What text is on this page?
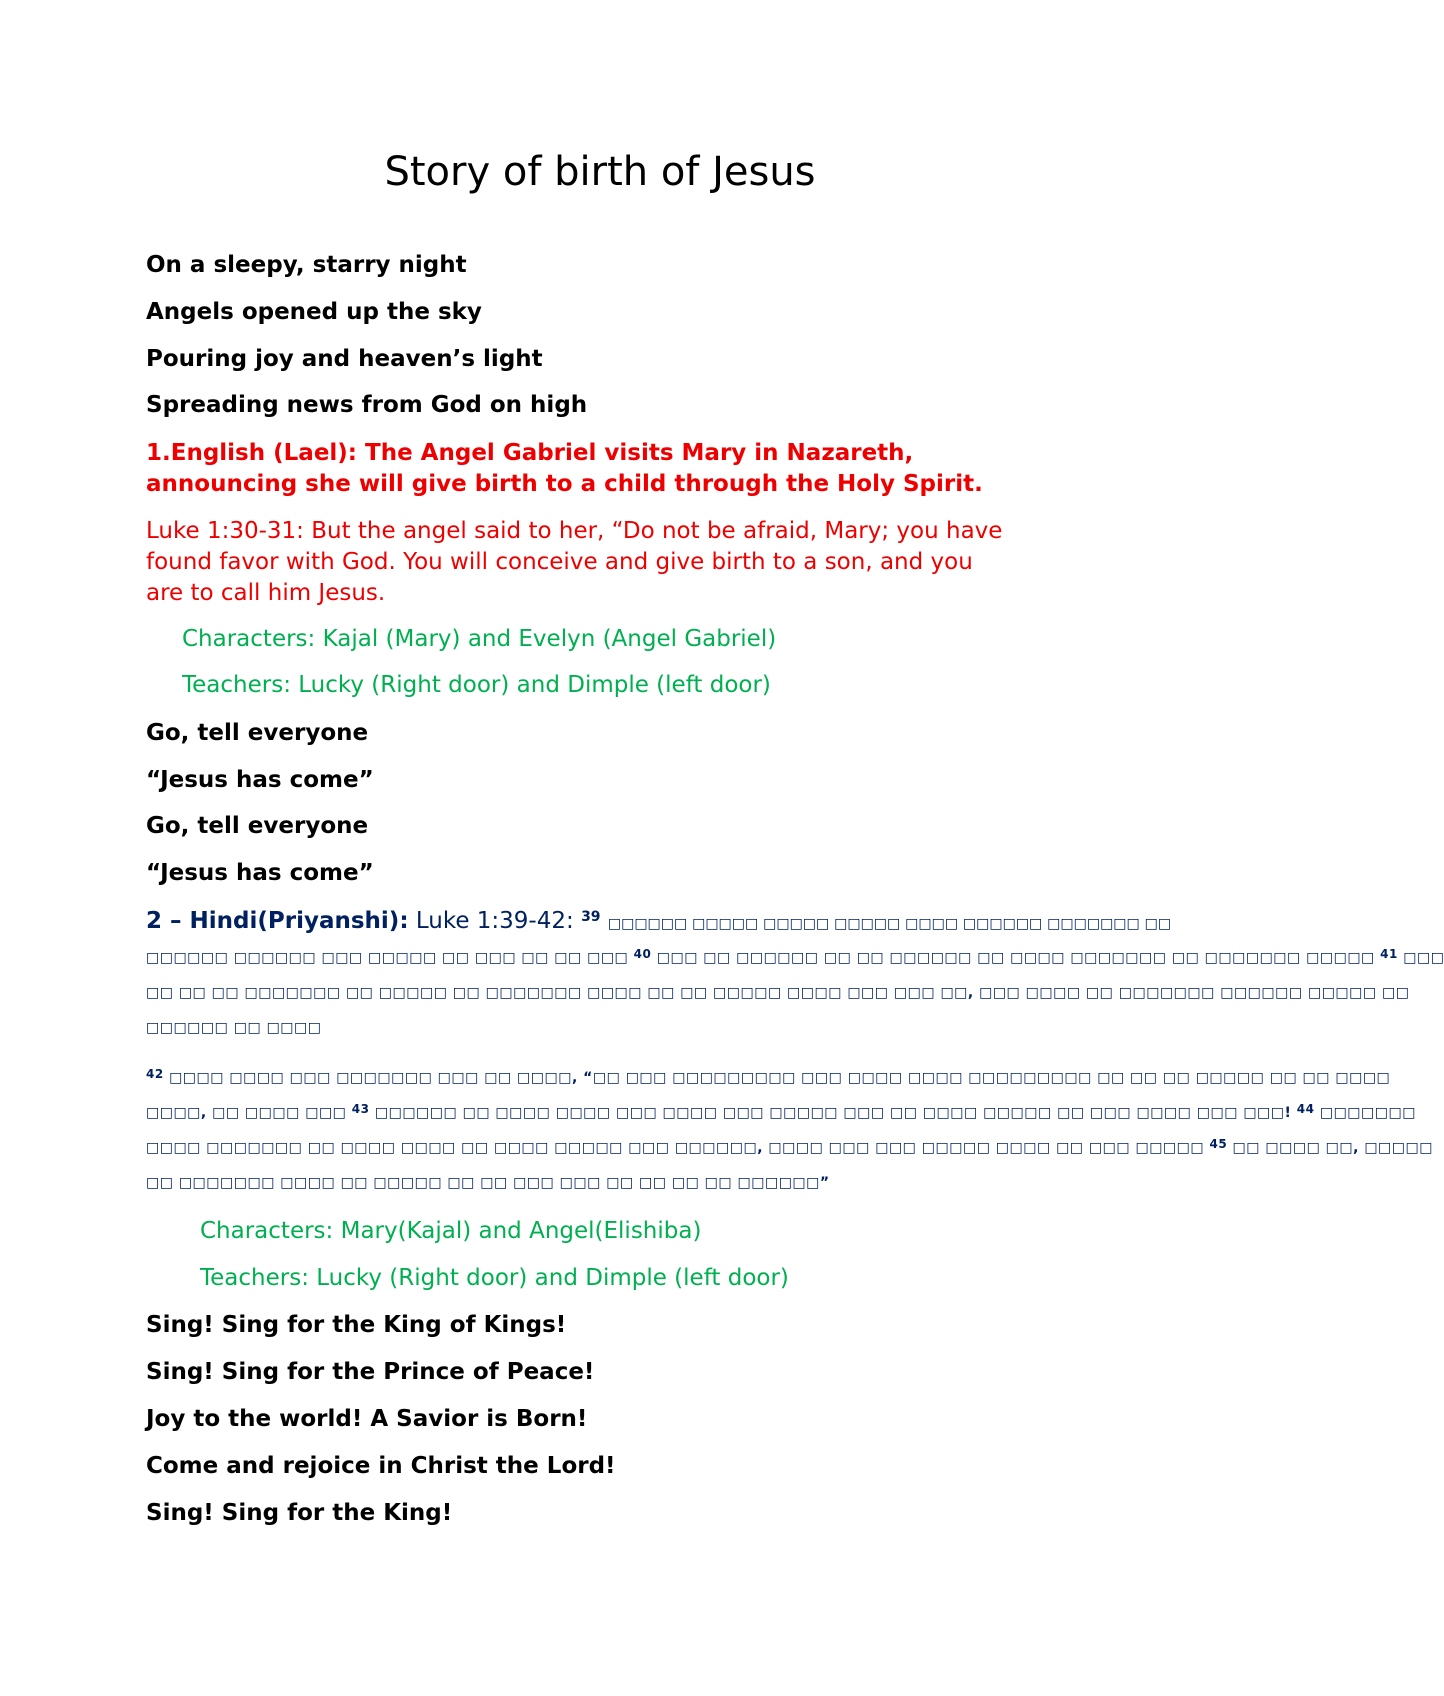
Story of birth of Jesus

On a sleepy, starry night

Angels opened up the sky

Pouring joy and heaven’s light

Spreading news from God on high

1.English (Lael): The Angel Gabriel visits Mary in Nazareth,

announcing she will give birth to a child through the Holy Spirit.

Luke 1:30-31: But the angel said to her, “Do not be afraid, Mary; you have

found favor with God. You will conceive and give birth to a son, and you

are to call him Jesus.

Characters: Kajal (Mary) and Evelyn (Angel Gabriel)

Teachers: Lucky (Right door) and Dimple (left door)

Go, tell everyone

“Jesus has come”

Go, tell everyone

“Jesus has come”

2 – Hindi(Priyanshi): Luke 1:39-42: $^{39}$ □□□□□□ □□□□□ □□□□□ □□□□□ □□□□ □□□□□□ □□□□□□□ □□

□□□□□□ □□□□□□ □□□ □□□□□ □□ □□□ □□ □□ □□□ $^{40}$ □□□ □□ □□□□□□ □□ □□ □□□□□□ □□ □□□□ □□□□□□□ □□ □□□□□□□ □□□□□ $^{41}$ □□□
□□ □□ □□ □□□□□□□ □□ □□□□□ □□ □□□□□□□ □□□□ □□ □□ □□□□□ □□□□ □□□ □□□ □□, □□□ □□□□ □□ □□□□□□□ □□□□□□ □□□□□ □□
□□□□□□ □□ □□□□
$^{42}$ □□□□ □□□□ □□□ □□□□□□□ □□□ □□ □□□□, “□□ □□□ □□□□□□□□□ □□□ □□□□ □□□□ □□□□□□□□□ □□ □□ □□ □□□□□ □□ □□ □□□□
□□□□, □□ □□□□ □□□ $^{43}$ □□□□□□ □□ □□□□ □□□□ □□□ □□□□ □□□ □□□□□ □□□ □□ □□□□ □□□□□ □□ □□□ □□□□ □□□ □□□! $^{44}$ □□□□□□□
□□□□ □□□□□□□ □□ □□□□ □□□□ □□ □□□□ □□□□□ □□□ □□□□□□, □□□□ □□□ □□□ □□□□□ □□□□ □□ □□□ □□□□□ $^{45}$ □□ □□□□ □□, □□□□□
□□ □□□□□□□ □□□□ □□ □□□□□ □□ □□ □□□ □□□ □□ □□ □□ □□ □□□□□□”

Characters: Mary(Kajal) and Angel(Elishiba)

Teachers: Lucky (Right door) and Dimple (left door)

Sing! Sing for the King of Kings!

Sing! Sing for the Prince of Peace!

Joy to the world! A Savior is Born!

Come and rejoice in Christ the Lord!

Sing! Sing for the King!
